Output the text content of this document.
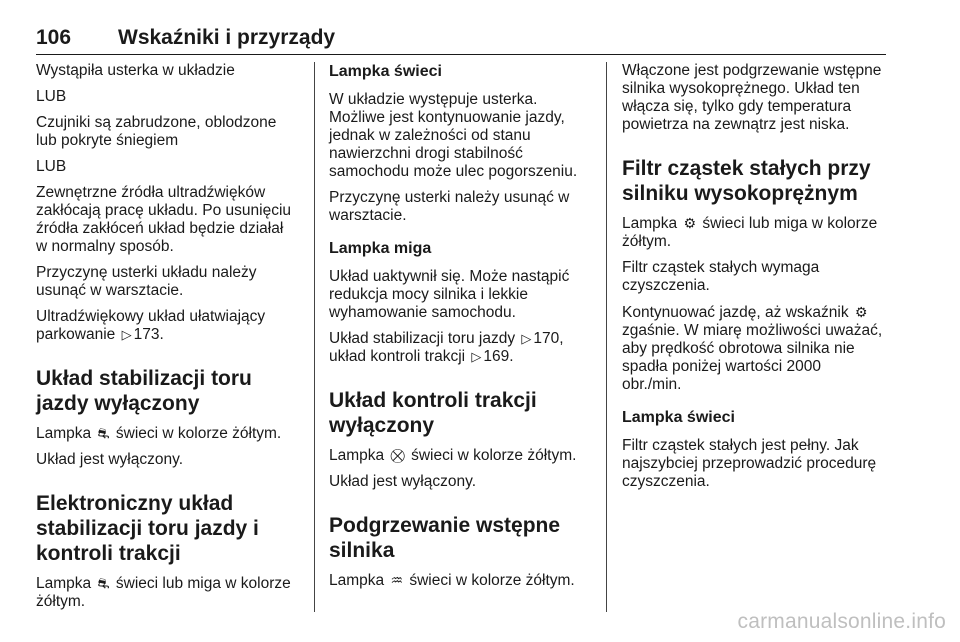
106 Wskaźniki i przyrządy

Wystąpiła usterka w układzie

LUB

Czujniki są zabrudzone, oblodzone lub pokryte śniegiem

LUB

Zewnętrzne źródła ultradźwięków zakłócają pracę układu. Po usunięciu źródła zakłóceń układ będzie działał w normalny sposób.

Przyczynę usterki układu należy usunąć w warsztacie.

Ultradźwiękowy układ ułatwiający parkowanie ▷ 173.

Układ stabilizacji toru jazdy wyłączony

Lampka ⛐ świeci w kolorze żółtym.

Układ jest wyłączony.

Elektroniczny układ stabilizacji toru jazdy i kontroli trakcji

Lampka ⛐ świeci lub miga w kolorze żółtym.

Lampka świeci

W układzie występuje usterka. Możliwe jest kontynuowanie jazdy, jednak w zależności od stanu nawierzchni drogi stabilność samochodu może ulec pogorszeniu.

Przyczynę usterki należy usunąć w warsztacie.

Lampka miga

Układ uaktywnił się. Może nastąpić redukcja mocy silnika i lekkie wyhamowanie samochodu.

Układ stabilizacji toru jazdy ▷ 170, układ kontroli trakcji ▷ 169.

Układ kontroli trakcji wyłączony

Lampka ⛒ świeci w kolorze żółtym.

Układ jest wyłączony.

Podgrzewanie wstępne silnika

Lampka ♒ świeci w kolorze żółtym.

Włączone jest podgrzewanie wstępne silnika wysokoprężnego. Układ ten włącza się, tylko gdy temperatura powietrza na zewnątrz jest niska.

Filtr cząstek stałych przy silniku wysokoprężnym

Lampka ⚙ świeci lub miga w kolorze żółtym.

Filtr cząstek stałych wymaga czyszczenia.

Kontynuować jazdę, aż wskaźnik ⚙ zgaśnie. W miarę możliwości uważać, aby prędkość obrotowa silnika nie spadła poniżej wartości 2000 obr./min.

Lampka świeci

Filtr cząstek stałych jest pełny. Jak najszybciej przeprowadzić procedurę czyszczenia.

carmanualsonline.info
